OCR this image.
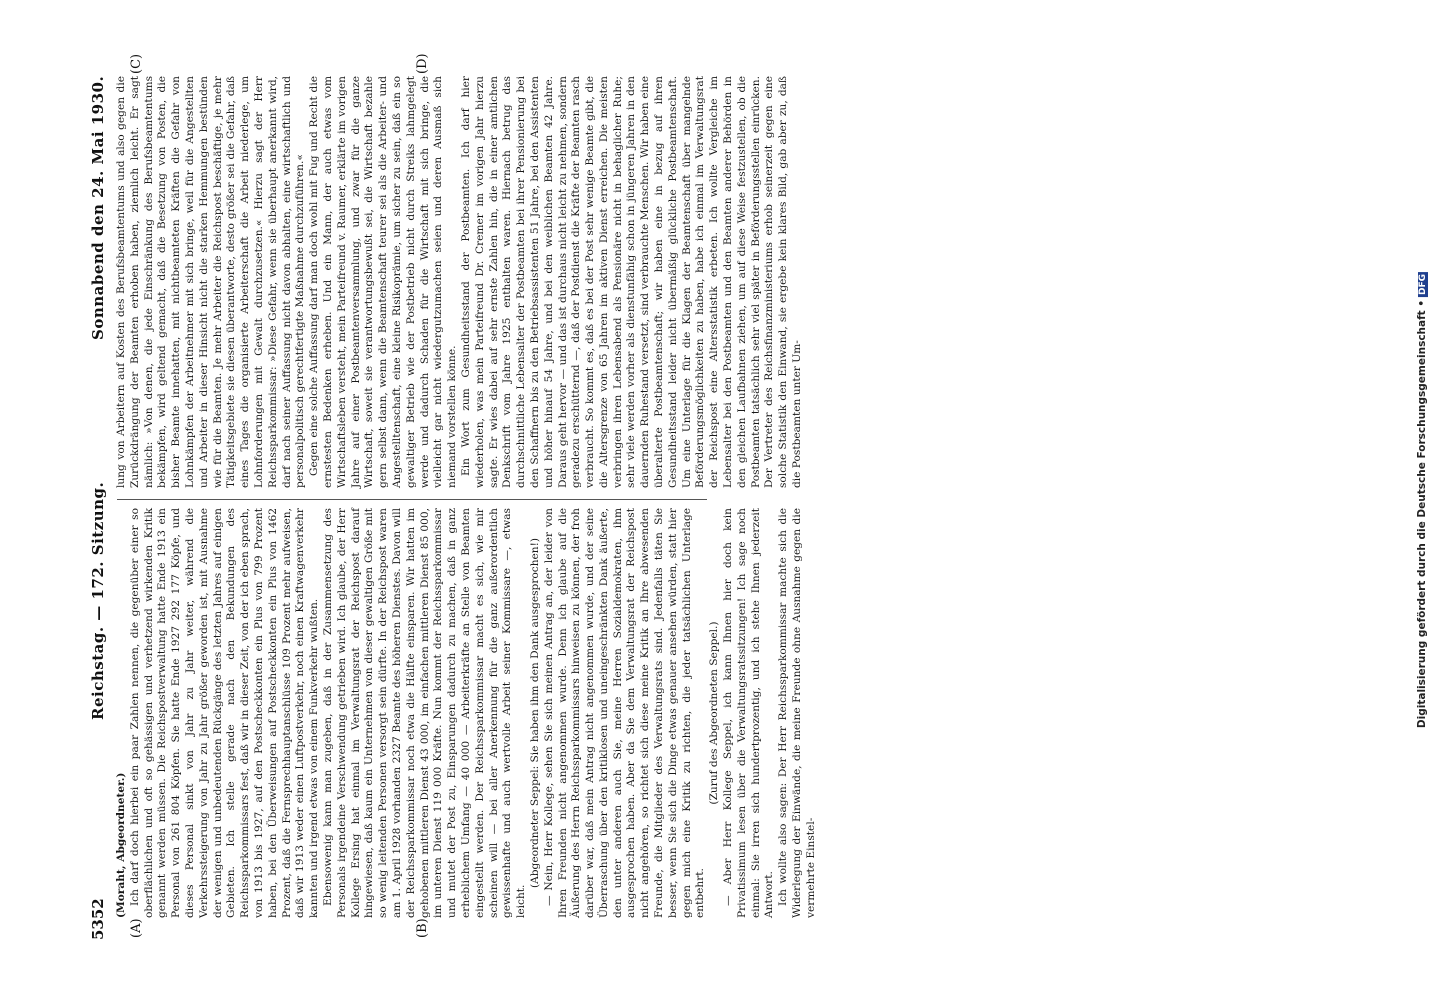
5352
Reichstag. — 172. Sitzung.
Sonnabend den 24. Mai 1930.
(A)	(B)
(C)	(D)

(Moraht, Abgeordneter.) Ich darf doch hierbei ein paar Zahlen nennen, die gegenüber einer so oberflächlichen und oft so gehässigen und verhetzend wirkenden Kritik genannt werden müssen. Die Reichspostverwaltung hatte Ende 1913 ein Personal von 261 804 Köpfen. Sie hatte Ende 1927 292 177 Köpfe, und dieses Personal sinkt von Jahr zu Jahr weiter, während die Verkehrssteigerung von Jahr zu Jahr größer geworden ist, mit Ausnahme der wenigen und unbedeutenden Rückgänge des letzten Jahres auf einigen Gebieten. Ich stelle gerade nach den Bekundungen des Reichssparkommissars fest, daß wir in dieser Zeit, von der ich eben sprach, von 1913 bis 1927, auf den Postscheckkonten ein Plus von 799 Prozent haben, bei den Überweisungen auf Postscheckkonten ein Plus von 1462 Prozent, daß die Fernsprechhauptanschlüsse 109 Prozent mehr aufweisen, daß wir 1913 weder einen Luftpostverkehr, noch einen Kraftwagenverkehr kannten und irgend etwas von einem Funkverkehr wußten. Ebensowenig kann man zugeben, daß in der Zusammensetzung des Personals irgendeine Verschwendung getrieben wird. Ich glaube, der Herr Kollege Ersing hat einmal im Verwaltungsrat der Reichspost darauf hingewiesen, daß kaum ein Unternehmen von dieser gewaltigen Größe mit so wenig leitenden Personen versorgt sein dürfte. In der Reichspost waren am 1. April 1928 vorhanden 2327 Beamte des höheren Dienstes. Davon will der Reichssparkommissar noch etwa die Hälfte einsparen. Wir hatten im gehobenen mittleren Dienst 43 000, im einfachen mittleren Dienst 85 000, im unteren Dienst 119 000 Kräfte. Nun kommt der Reichssparkommissar und mutet der Post zu, Einsparungen dadurch zu machen, daß in ganz erheblichem Umfang — 40 000 — Arbeiterkräfte an Stelle von Beamten eingestellt werden. Der Reichssparkommissar macht es sich, wie mir scheinen will — bei aller Anerkennung für die ganz außerordentlich gewissenhafte und auch wertvolle Arbeit seiner Kommissare —, etwas leicht.

(Abgeordneter Seppel: Sie haben ihm den Dank ausgesprochen!) — Nein, Herr Kollege, sehen Sie sich meinen Antrag an, der leider von Ihren Freunden nicht angenommen wurde. Denn ich glaube auf die Äußerung des Herrn Reichssparkommissars hinweisen zu können, der froh darüber war, daß mein Antrag nicht angenommen wurde, und der seine Überraschung über den kritiklosen und uneingeschränkten Dank äußerte, den unter anderen auch Sie, meine Herren Sozialdemokraten, ihm ausgesprochen haben. Aber da Sie dem Verwaltungsrat der Reichspost nicht angehören, so richtet sich diese meine Kritik an Ihre abwesenden Freunde, die Mitglieder des Verwaltungsrats sind. Jedenfalls täten Sie besser, wenn Sie sich die Dinge etwas genauer ansehen würden, statt hier gegen mich eine Kritik zu richten, die jeder tatsächlichen Unterlage entbehrt.

(Zuruf des Abgeordneten Seppel.) — Aber Herr Kollege Seppel, ich kann Ihnen hier doch kein Privatissimum lesen über die Verwaltungsratssitzungen! Ich sage noch einmal: Sie irren sich hundertprozentig, und ich stehe Ihnen jederzeit Antwort. Ich wollte also sagen: Der Herr Reichssparkommissar machte sich die Widerlegung der Einwände, die meine Freunde ohne Ausnahme gegen die vermehrte Einstel-

lung von Arbeitern auf Kosten des Berufsbeamtentums und also gegen die Zurückdrängung der Beamten erhoben haben, ziemlich leicht. Er sagt nämlich: »Von denen, die jede Einschränkung des Berufsbeamtentums bekämpfen, wird geltend gemacht, daß die Besetzung von Posten, die bisher Beamte innehatten, mit nichtbeamteten Kräften die Gefahr von Lohnkämpfen der Arbeitnehmer mit sich bringe, weil für die Angestellten und Arbeiter in dieser Hinsicht nicht die starken Hemmungen bestünden wie für die Beamten. Je mehr Arbeiter die Reichspost beschäftige, je mehr Tätigkeitsgebiete sie diesen überantworte, desto größer sei die Gefahr, daß eines Tages die organisierte Arbeiterschaft die Arbeit niederlege, um Lohnforderungen mit Gewalt durchzusetzen.« Hierzu sagt der Herr Reichssparkommissar: »Diese Gefahr, wenn sie überhaupt anerkannt wird, darf nach seiner Auffassung nicht davon abhalten, eine wirtschaftlich und personalpolitisch gerechtfertigte Maßnahme durchzuführen.« Gegen eine solche Auffassung darf man doch wohl mit Fug und Recht die ernstesten Bedenken erheben. Und ein Mann, der auch etwas vom Wirtschaftsleben versteht, mein Parteifreund v. Raumer, erklärte im vorigen Jahre auf einer Postbeamtenversammlung, und zwar für die ganze Wirtschaft, soweit sie verantwortungsbewußt sei, die Wirtschaft bezahle gern selbst dann, wenn die Beamtenschaft teurer sei als die Arbeiter- und Angestelltenschaft, eine kleine Risikoprämie, um sicher zu sein, daß ein so gewaltiger Betrieb wie der Postbetrieb nicht durch Streiks lahmgelegt werde und dadurch Schaden für die Wirtschaft mit sich bringe, die vielleicht gar nicht wiedergutzumachen seien und deren Ausmaß sich niemand vorstellen könne. Ein Wort zum Gesundheitsstand der Postbeamten. Ich darf hier wiederholen, was mein Parteifreund Dr. Cremer im vorigen Jahr hierzu sagte. Er wies dabei auf sehr ernste Zahlen hin, die in einer amtlichen Denkschrift vom Jahre 1925 enthalten waren. Hiernach betrug das durchschnittliche Lebensalter der Postbeamten bei ihrer Pensionierung bei den Schaffnern bis zu den Betriebsassistenten 51 Jahre, bei den Assistenten und höher hinauf 54 Jahre, und bei den weiblichen Beamten 42 Jahre. Daraus geht hervor — und das ist durchaus nicht leicht zu nehmen, sondern geradezu erschütternd —, daß der Postdienst die Kräfte der Beamten rasch verbraucht. So kommt es, daß es bei der Post sehr wenige Beamte gibt, die die Altersgrenze von 65 Jahren im aktiven Dienst erreichen. Die meisten verbringen ihren Lebensabend als Pensionäre nicht in behaglicher Ruhe; sehr viele werden vorher als dienstunfähig schon in jüngeren Jahren in den dauernden Ruhestand versetzt, sind verbrauchte Menschen. Wir haben eine überalterte Postbeamtenschaft; wir haben eine in bezug auf ihren Gesundheitsstand leider nicht übermäßig glückliche Postbeamtenschaft. Um eine Unterlage für die Klagen der Beamtenschaft über mangelnde Beförderungsmöglichkeiten zu haben, habe ich einmal im Verwaltungsrat der Reichspost eine Altersstatistik erbeten. Ich wollte Vergleiche im Lebensalter bei den Postbeamten und den Beamten anderer Behörden in den gleichen Laufbahnen ziehen, um auf diese Weise festzustellen, ob die Postbeamten tatsächlich sehr viel später in Beförderungsstellen einrücken. Der Vertreter des Reichsfinanzministeriums erhob seinerzeit gegen eine solche Statistik den Einwand, sie ergebe kein klares Bild, gab aber zu, daß die Postbeamten unter Um-	Digitalisierung gefördert durch die Deutsche Forschungsgemeinschaft •DFG
